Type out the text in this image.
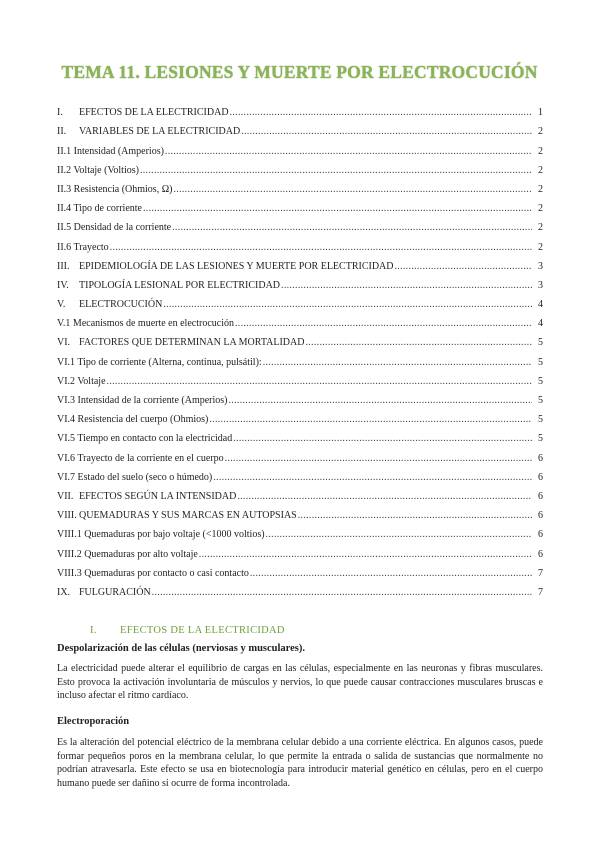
TEMA 11. LESIONES Y MUERTE POR ELECTROCUCIÓN
I.	EFECTOS DE LA ELECTRICIDAD .....	1
II.	VARIABLES DE LA ELECTRICIDAD .....	2
II.1 Intensidad (Amperios) .....	2
II.2 Voltaje (Voltios) .....	2
II.3 Resistencia (Ohmios, Ω) .....	2
II.4 Tipo de corriente .....	2
II.5 Densidad de la corriente .....	2
II.6 Trayecto .....	2
III. EPIDEMIOLOGÍA DE LAS LESIONES Y MUERTE POR ELECTRICIDAD .....	3
IV.	TIPOLOGÍA LESIONAL POR ELECTRICIDAD .....	3
V.	ELECTROCUCIÓN .....	4
V.1 Mecanismos de muerte en electrocución .....	4
VI. FACTORES QUE DETERMINAN LA MORTALIDAD .....	5
VI.1 Tipo de corriente (Alterna, continua, pulsátil): .....	5
VI.2 Voltaje .....	5
VI.3 Intensidad de la corriente (Amperios) .....	5
VI.4 Resistencia del cuerpo (Ohmios) .....	5
VI.5 Tiempo en contacto con la electricidad .....	5
VI.6 Trayecto de la corriente en el cuerpo .....	6
VI.7 Estado del suelo (seco o húmedo) .....	6
VII. EFECTOS SEGÚN LA INTENSIDAD .....	6
VIII. QUEMADURAS Y SUS MARCAS EN AUTOPSIAS .....	6
VIII.1 Quemaduras por bajo voltaje (<1000 voltios) .....	6
VIII.2 Quemaduras por alto voltaje .....	6
VIII.3 Quemaduras por contacto o casi contacto .....	7
IX. FULGURACIÓN .....	7
I. EFECTOS DE LA ELECTRICIDAD
Despolarización de las células (nerviosas y musculares).
La electricidad puede alterar el equilibrio de cargas en las células, especialmente en las neuronas y fibras musculares. Esto provoca la activación involuntaria de músculos y nervios, lo que puede causar contracciones musculares bruscas e incluso afectar el ritmo cardíaco.
Electroporación
Es la alteración del potencial eléctrico de la membrana celular debido a una corriente eléctrica. En algunos casos, puede formar pequeños poros en la membrana celular, lo que permite la entrada o salida de sustancias que normalmente no podrían atravesarla. Este efecto se usa en biotecnología para introducir material genético en células, pero en el cuerpo humano puede ser dañino si ocurre de forma incontrolada.
